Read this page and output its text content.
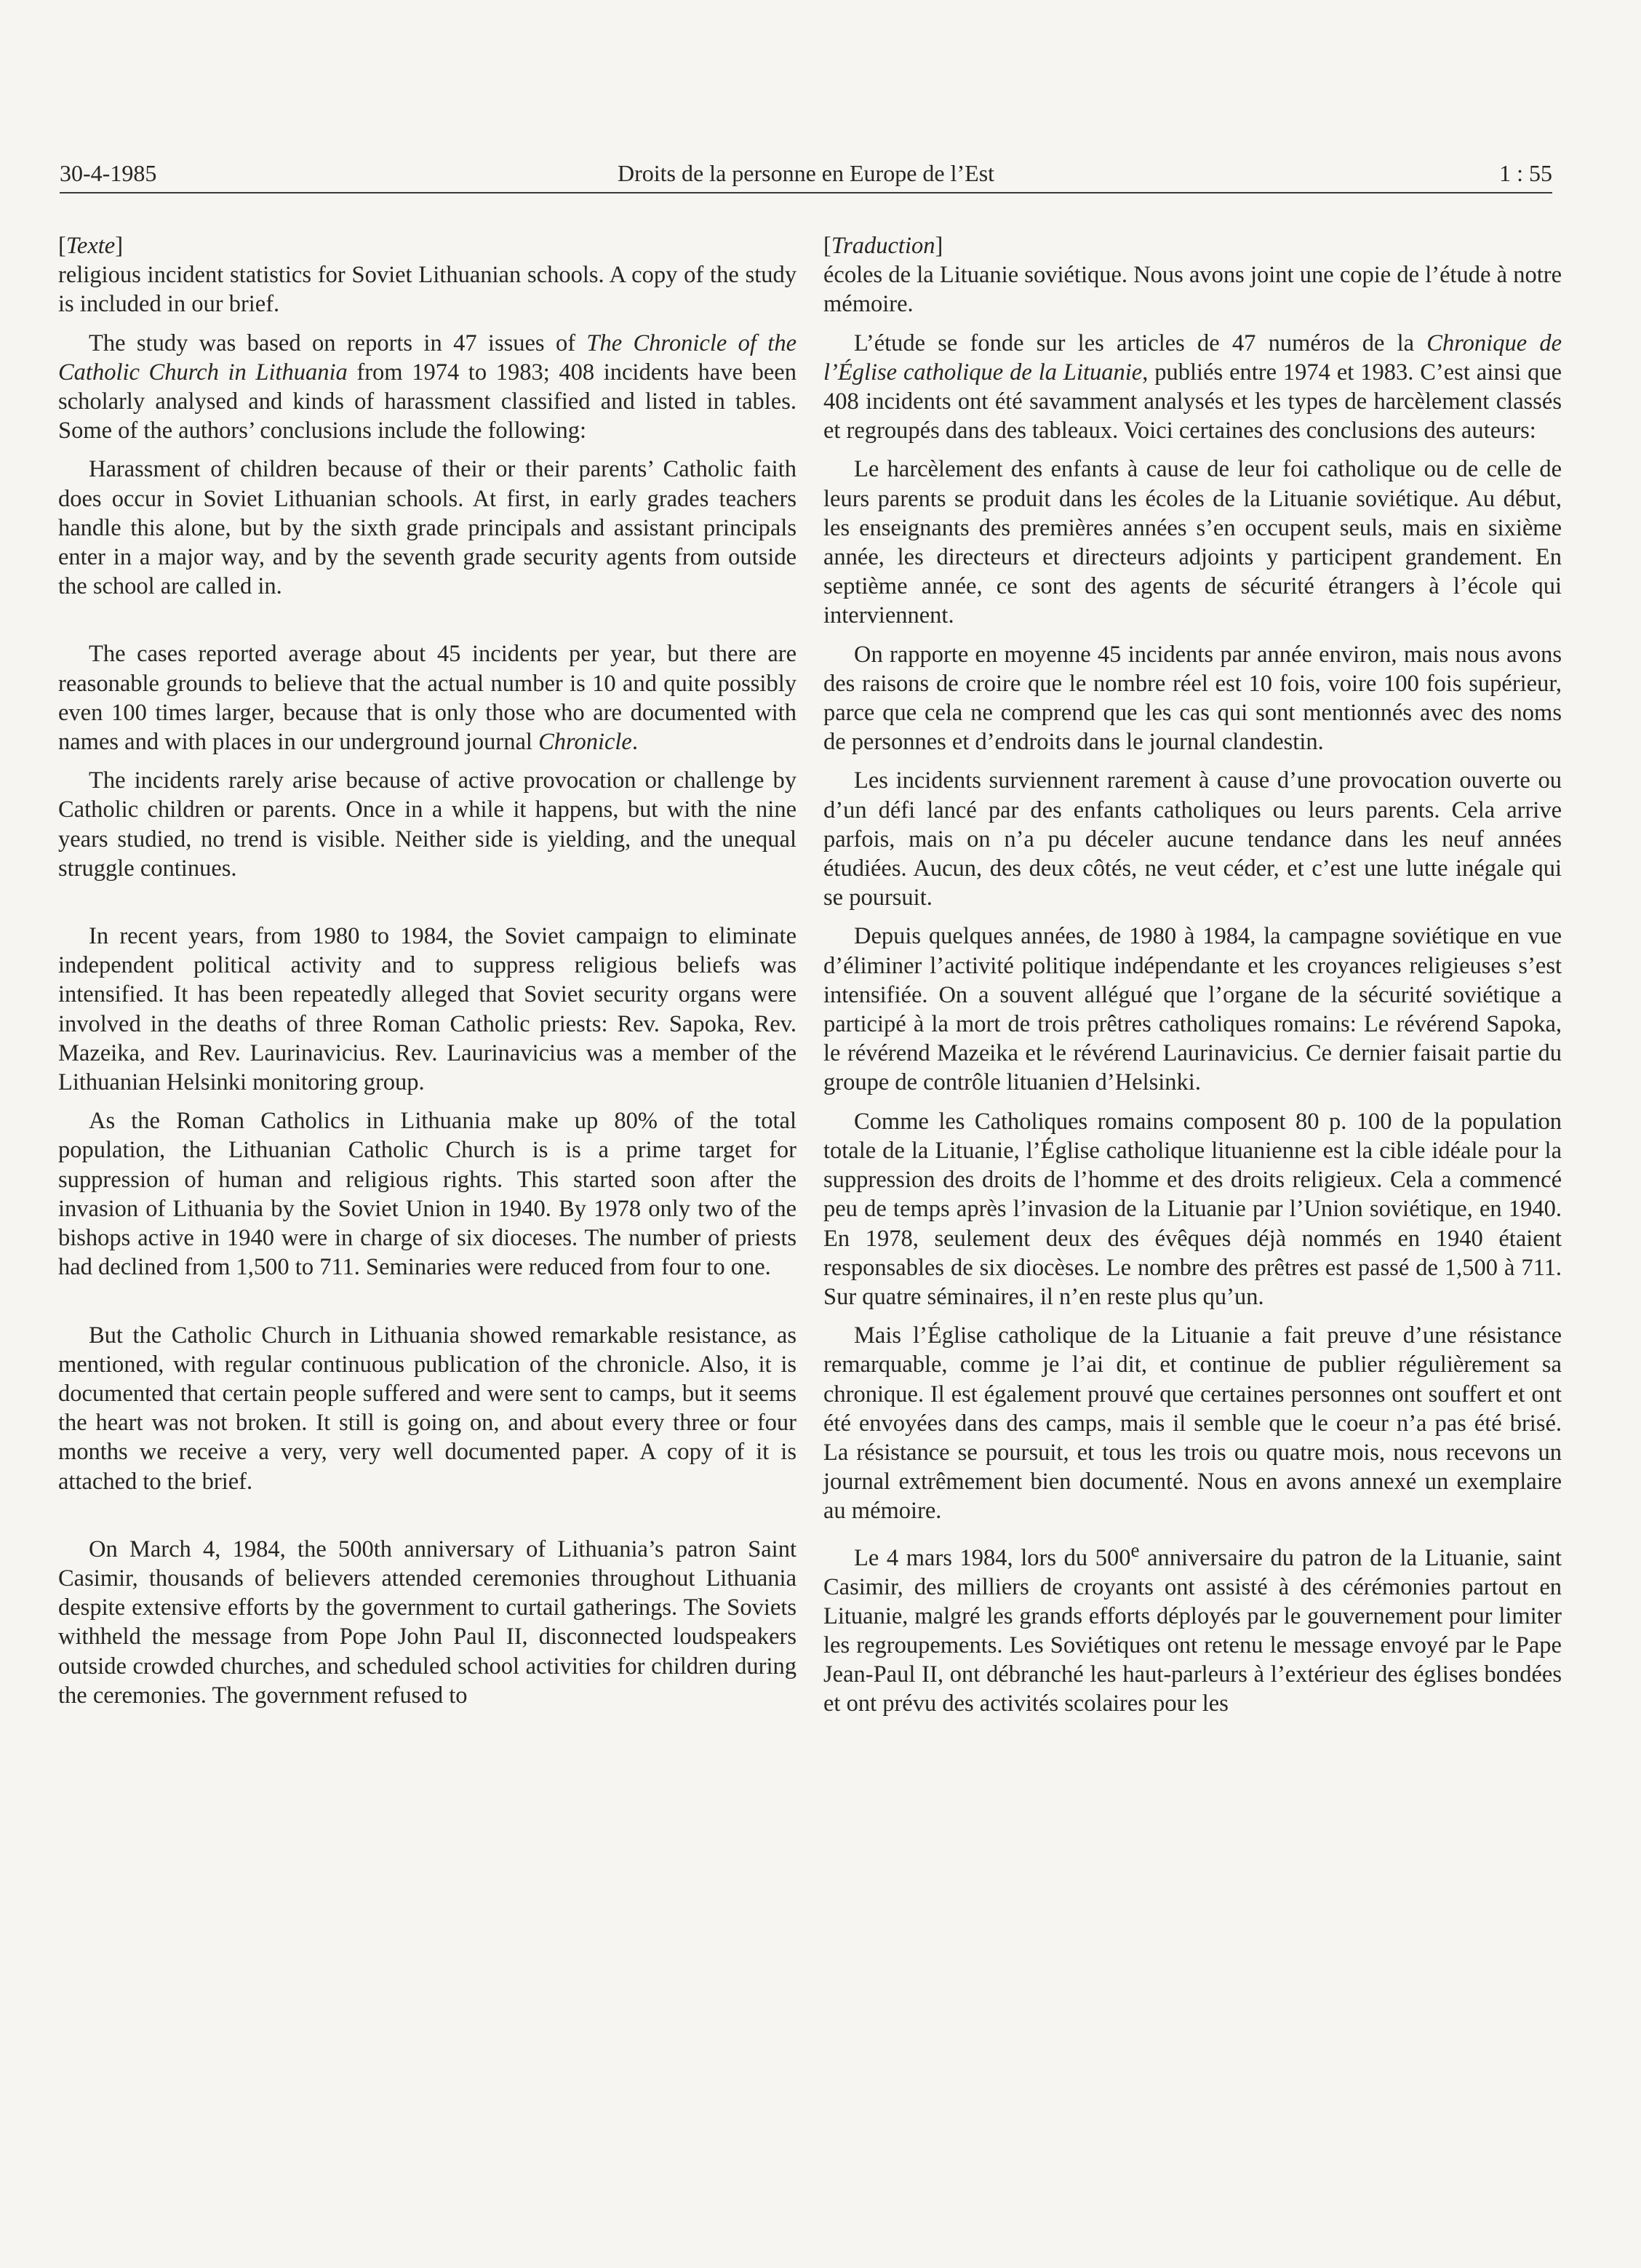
30-4-1985	Droits de la personne en Europe de l’Est	1 : 55
[Texte]

religious incident statistics for Soviet Lithuanian schools. A copy of the study is included in our brief.

The study was based on reports in 47 issues of The Chronicle of the Catholic Church in Lithuania from 1974 to 1983; 408 incidents have been scholarly analysed and kinds of harassment classified and listed in tables. Some of the authors’ conclusions include the following:

Harassment of children because of their or their parents’ Catholic faith does occur in Soviet Lithuanian schools. At first, in early grades teachers handle this alone, but by the sixth grade principals and assistant principals enter in a major way, and by the seventh grade security agents from outside the school are called in.

The cases reported average about 45 incidents per year, but there are reasonable grounds to believe that the actual number is 10 and quite possibly even 100 times larger, because that is only those who are documented with names and with places in our underground journal Chronicle.

The incidents rarely arise because of active provocation or challenge by Catholic children or parents. Once in a while it happens, but with the nine years studied, no trend is visible. Neither side is yielding, and the unequal struggle continues.

In recent years, from 1980 to 1984, the Soviet campaign to eliminate independent political activity and to suppress religious beliefs was intensified. It has been repeatedly alleged that Soviet security organs were involved in the deaths of three Roman Catholic priests: Rev. Sapoka, Rev. Mazeika, and Rev. Laurinavicius. Rev. Laurinavicius was a member of the Lithuanian Helsinki monitoring group.

As the Roman Catholics in Lithuania make up 80% of the total population, the Lithuanian Catholic Church is is a prime target for suppression of human and religious rights. This started soon after the invasion of Lithuania by the Soviet Union in 1940. By 1978 only two of the bishops active in 1940 were in charge of six dioceses. The number of priests had declined from 1,500 to 711. Seminaries were reduced from four to one.

But the Catholic Church in Lithuania showed remarkable resistance, as mentioned, with regular continuous publication of the chronicle. Also, it is documented that certain people suffered and were sent to camps, but it seems the heart was not broken. It still is going on, and about every three or four months we receive a very, very well documented paper. A copy of it is attached to the brief.

On March 4, 1984, the 500th anniversary of Lithuania’s patron Saint Casimir, thousands of believers attended ceremonies throughout Lithuania despite extensive efforts by the government to curtail gatherings. The Soviets withheld the message from Pope John Paul II, disconnected loudspeakers outside crowded churches, and scheduled school activities for children during the ceremonies. The government refused to

[Traduction]

écoles de la Lituanie soviétique. Nous avons joint une copie de l’étude à notre mémoire.

L’étude se fonde sur les articles de 47 numéros de la Chronique de l’Église catholique de la Lituanie, publiés entre 1974 et 1983. C’est ainsi que 408 incidents ont été savamment analysés et les types de harcèlement classés et regroupés dans des tableaux. Voici certaines des conclusions des auteurs:

Le harcèlement des enfants à cause de leur foi catholique ou de celle de leurs parents se produit dans les écoles de la Lituanie soviétique. Au début, les enseignants des premières années s’en occupent seuls, mais en sixième année, les directeurs et directeurs adjoints y participent grandement. En septième année, ce sont des agents de sécurité étrangers à l’école qui interviennent.

On rapporte en moyenne 45 incidents par année environ, mais nous avons des raisons de croire que le nombre réel est 10 fois, voire 100 fois supérieur, parce que cela ne comprend que les cas qui sont mentionnés avec des noms de personnes et d’endroits dans le journal clandestin.

Les incidents surviennent rarement à cause d’une provocation ouverte ou d’un défi lancé par des enfants catholiques ou leurs parents. Cela arrive parfois, mais on n’a pu déceler aucune tendance dans les neuf années étudiées. Aucun, des deux côtés, ne veut céder, et c’est une lutte inégale qui se poursuit.

Depuis quelques années, de 1980 à 1984, la campagne soviétique en vue d’éliminer l’activité politique indépendante et les croyances religieuses s’est intensifiée. On a souvent allégué que l’organe de la sécurité soviétique a participé à la mort de trois prêtres catholiques romains: Le révérend Sapoka, le révérend Mazeika et le révérend Laurinavicius. Ce dernier faisait partie du groupe de contrôle lituanien d’Helsinki.

Comme les Catholiques romains composent 80 p. 100 de la population totale de la Lituanie, l’Église catholique lituanienne est la cible idéale pour la suppression des droits de l’homme et des droits religieux. Cela a commencé peu de temps après l’invasion de la Lituanie par l’Union soviétique, en 1940. En 1978, seulement deux des évêques déjà nommés en 1940 étaient responsables de six diocèses. Le nombre des prêtres est passé de 1,500 à 711. Sur quatre séminaires, il n’en reste plus qu’un.

Mais l’Église catholique de la Lituanie a fait preuve d’une résistance remarquable, comme je l’ai dit, et continue de publier régulièrement sa chronique. Il est également prouvé que certaines personnes ont souffert et ont été envoyées dans des camps, mais il semble que le coeur n’a pas été brisé. La résistance se poursuit, et tous les trois ou quatre mois, nous recevons un journal extrêmement bien documenté. Nous en avons annexé un exemplaire au mémoire.

Le 4 mars 1984, lors du 500e anniversaire du patron de la Lituanie, saint Casimir, des milliers de croyants ont assisté à des cérémonies partout en Lituanie, malgré les grands efforts déployés par le gouvernement pour limiter les regroupements. Les Soviétiques ont retenu le message envoyé par le Pape Jean-Paul II, ont débranché les haut-parleurs à l’extérieur des églises bondées et ont prévu des activités scolaires pour les
